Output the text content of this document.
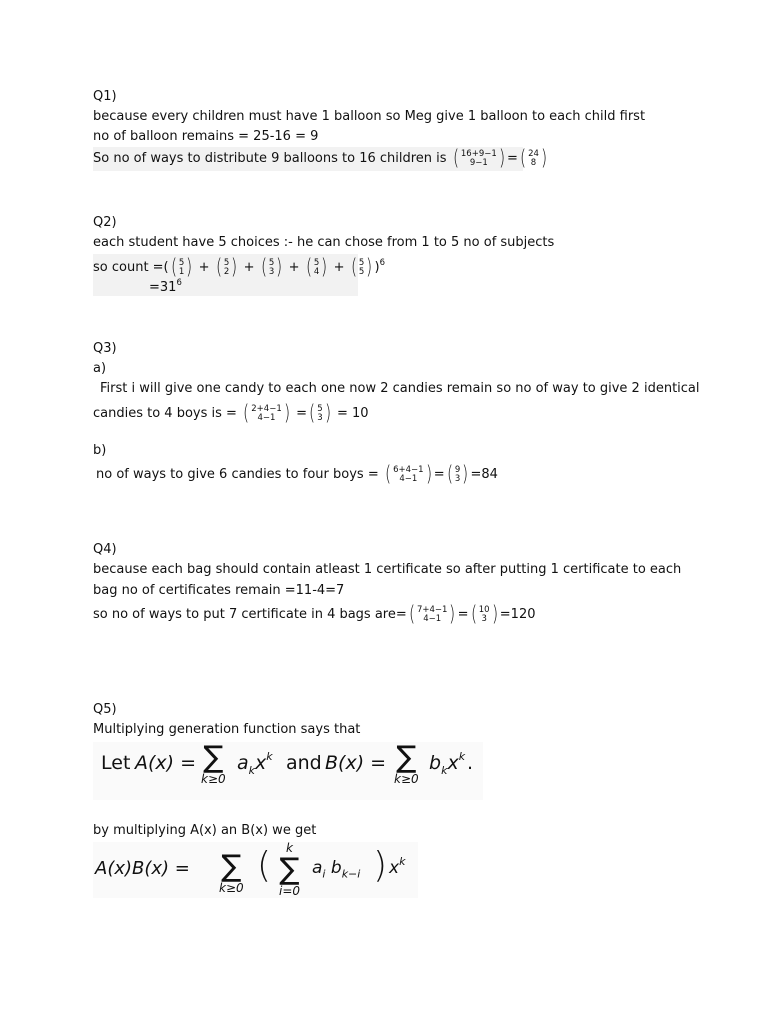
Q1)
because every children must have 1 balloon so Meg give 1 balloon to each child first
no of balloon remains = 25-16 = 9
So no of ways to distribute 9 balloons to 16 children is ( 16+9−1
9−1 ) = ( 24
8 )
Q2)
each student have 5 choices :- he can chose from 1 to 5 no of subjects
so count =( ( 5
1 ) + ( 5
2 ) + ( 5
3 ) + ( 5
4 ) + ( 5
5 ) )$^6$
$=31^6$
Q3)
a)
First i will give one candy to each one now 2 candies remain so no of way to give 2 identical
candies to 4 boys is = ( 2+4−1
4−1 ) = ( 5
3 ) = 10
b)
no of ways to give 6 candies to four boys = ( 6+4−1
4−1 ) = ( 9
3 ) =84
Q4)
because each bag should contain atleast 1 certificate so after putting 1 certificate to each
bag no of certificates remain =11-4=7
so no of ways to put 7 certificate in 4 bags are= ( 7+4−1
4−1 ) = ( 10
3 ) =120
Q5)
Multiplying generation function says that
Let A(x) = ∑
k≥0
$a_kx^k$ and B(x) = ∑
k≥0
$b_kx^k$ .
by multiplying A(x) an B(x) we get
A(x)B(x) = ∑
k≥0
( k
∑
i=0
$a_i$ $b_{k-i}$ ) $x^k$
